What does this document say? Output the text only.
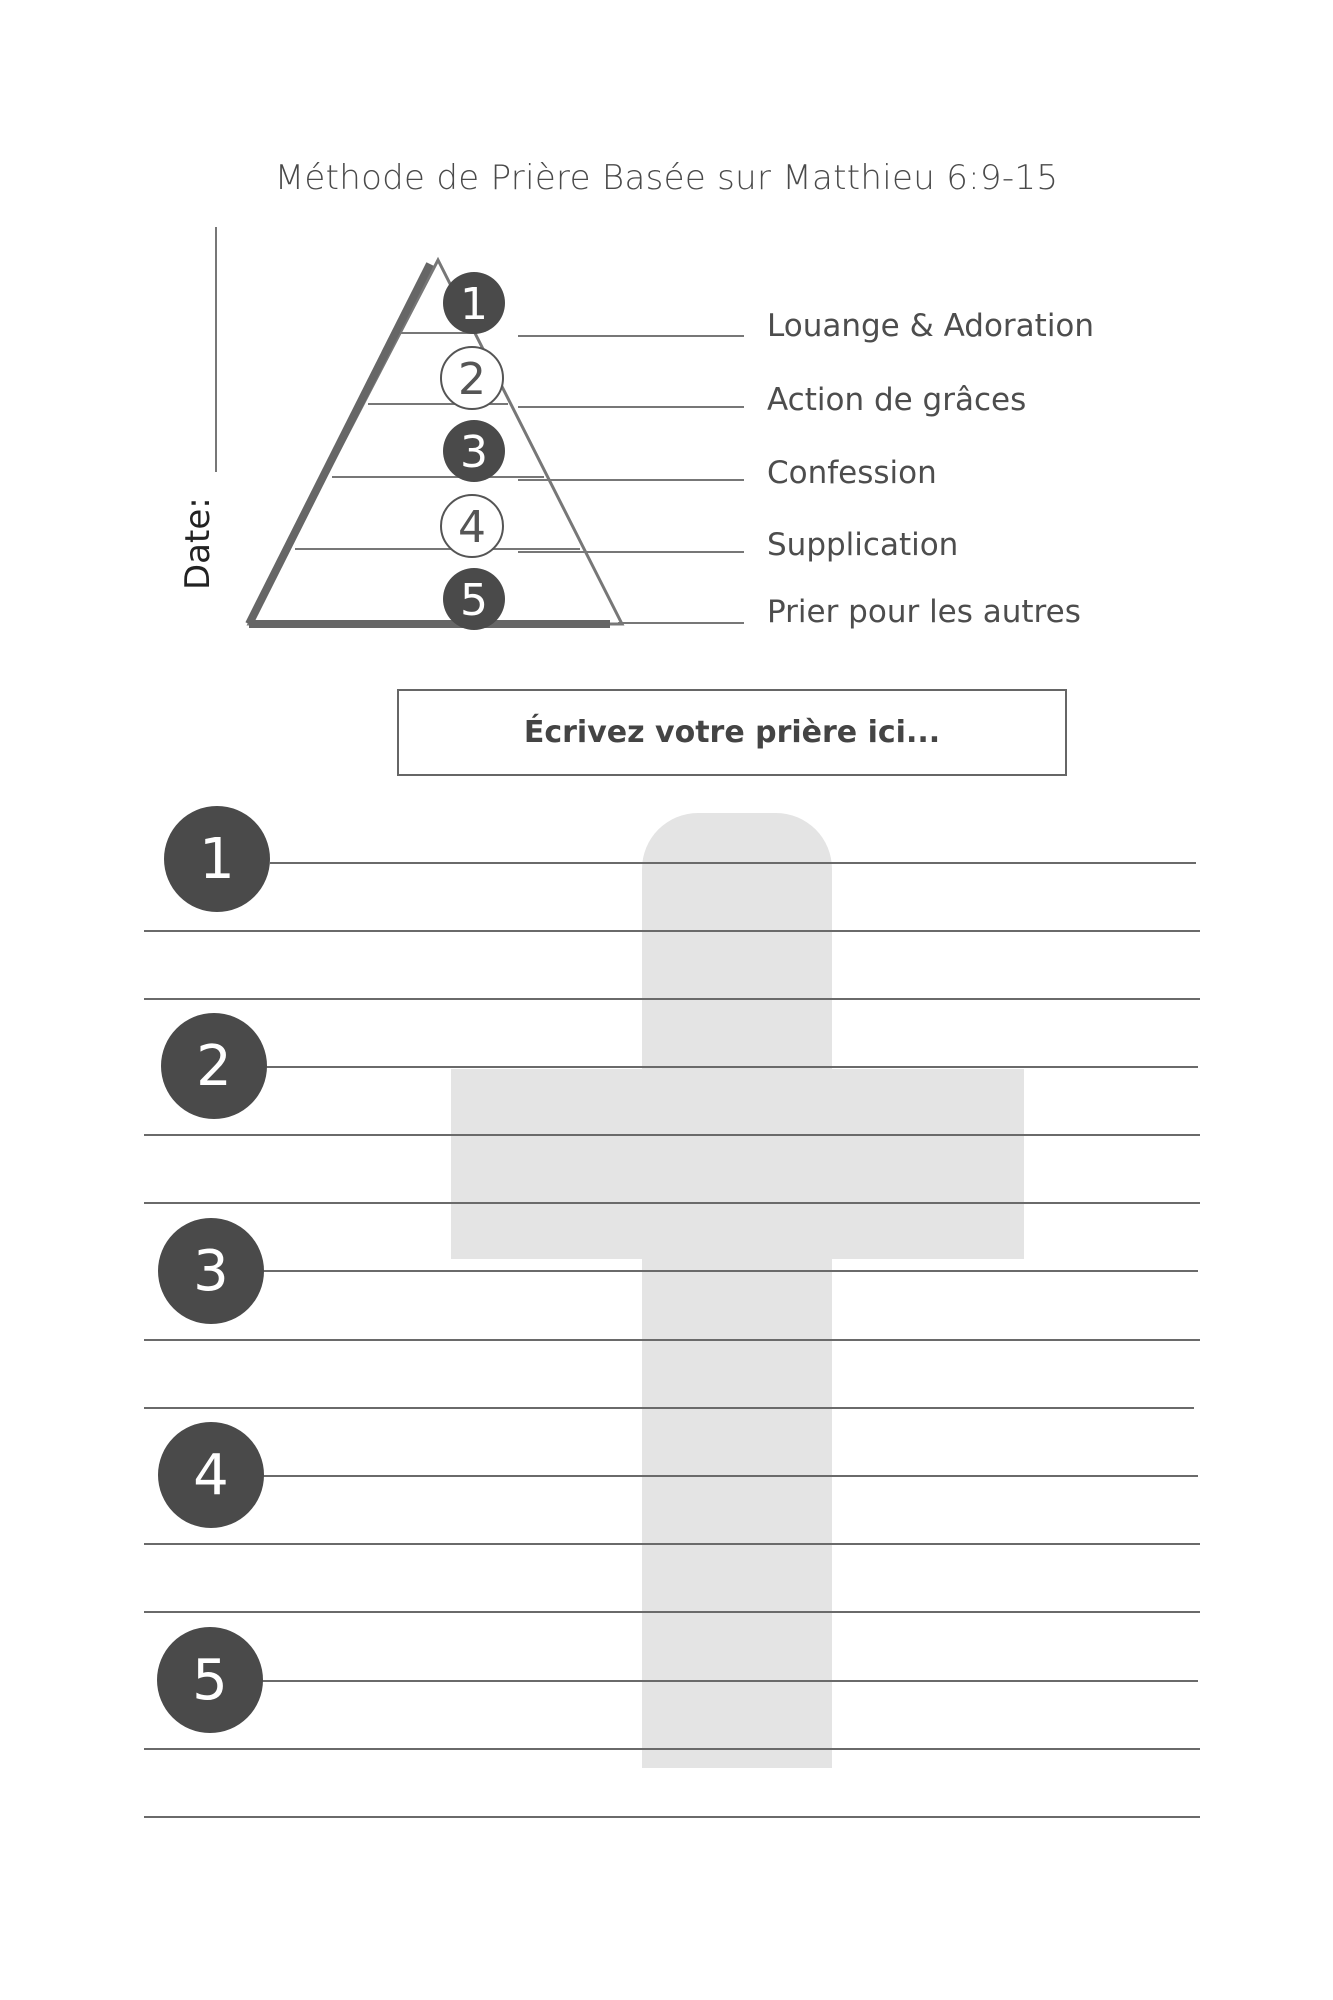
Méthode de Prière Basée sur Matthieu 6:9-15
Date:
1
2
3
4
5
Louange & Adoration
Action de grâces
Confession
Supplication
Prier pour les autres
Écrivez votre prière ici...
1
2
3
4
5
